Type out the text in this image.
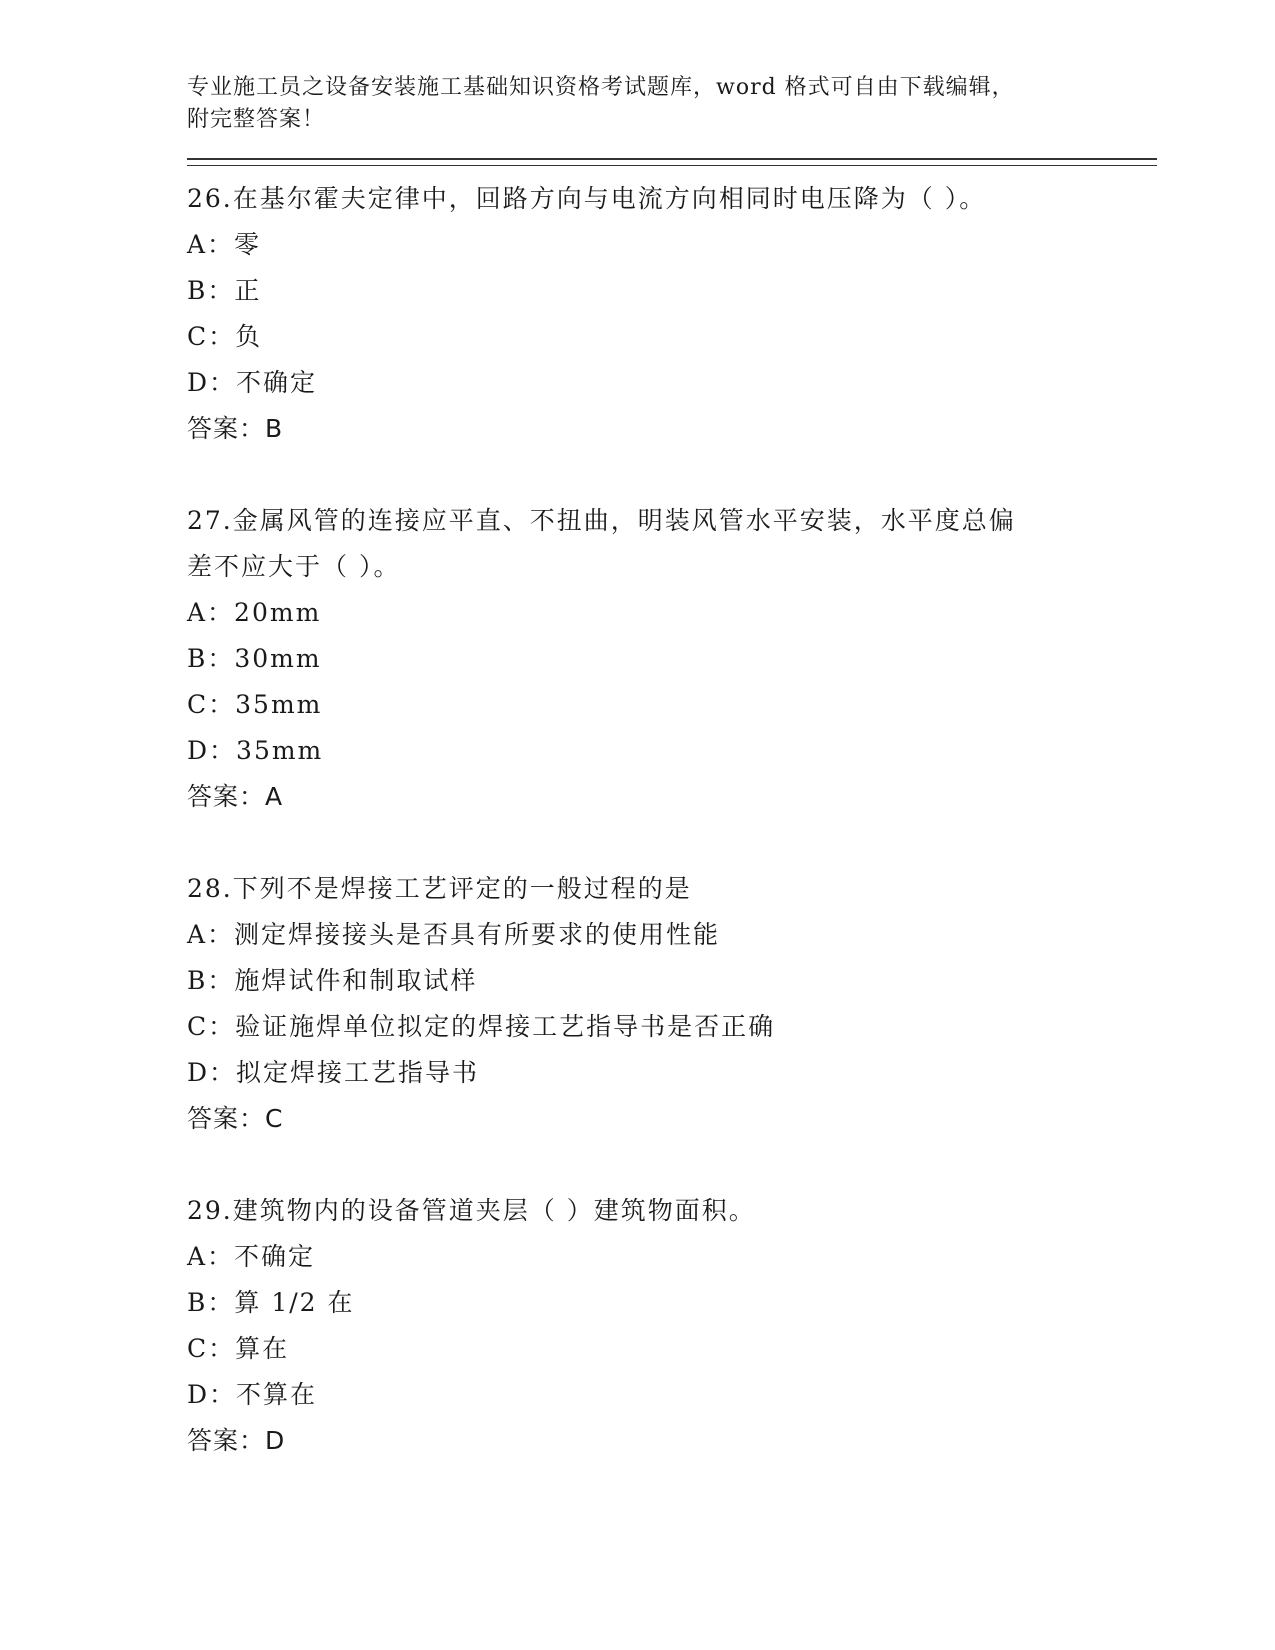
专业施工员之设备安装施工基础知识资格考试题库，word 格式可自由下载编辑，

附完整答案！

26.在基尔霍夫定律中，回路方向与电流方向相同时电压降为（ ）。

A：零

B：正

C：负

D：不确定

答案：B

27.金属风管的连接应平直、不扭曲，明装风管水平安装，水平度总偏

差不应大于（ ）。

A：20mm

B：30mm

C：35mm

D：35mm

答案：A

28.下列不是焊接工艺评定的一般过程的是

A：测定焊接接头是否具有所要求的使用性能

B：施焊试件和制取试样

C：验证施焊单位拟定的焊接工艺指导书是否正确

D：拟定焊接工艺指导书

答案：C

29.建筑物内的设备管道夹层（ ）建筑物面积。

A：不确定

B：算 1/2 在

C：算在

D：不算在

答案：D
